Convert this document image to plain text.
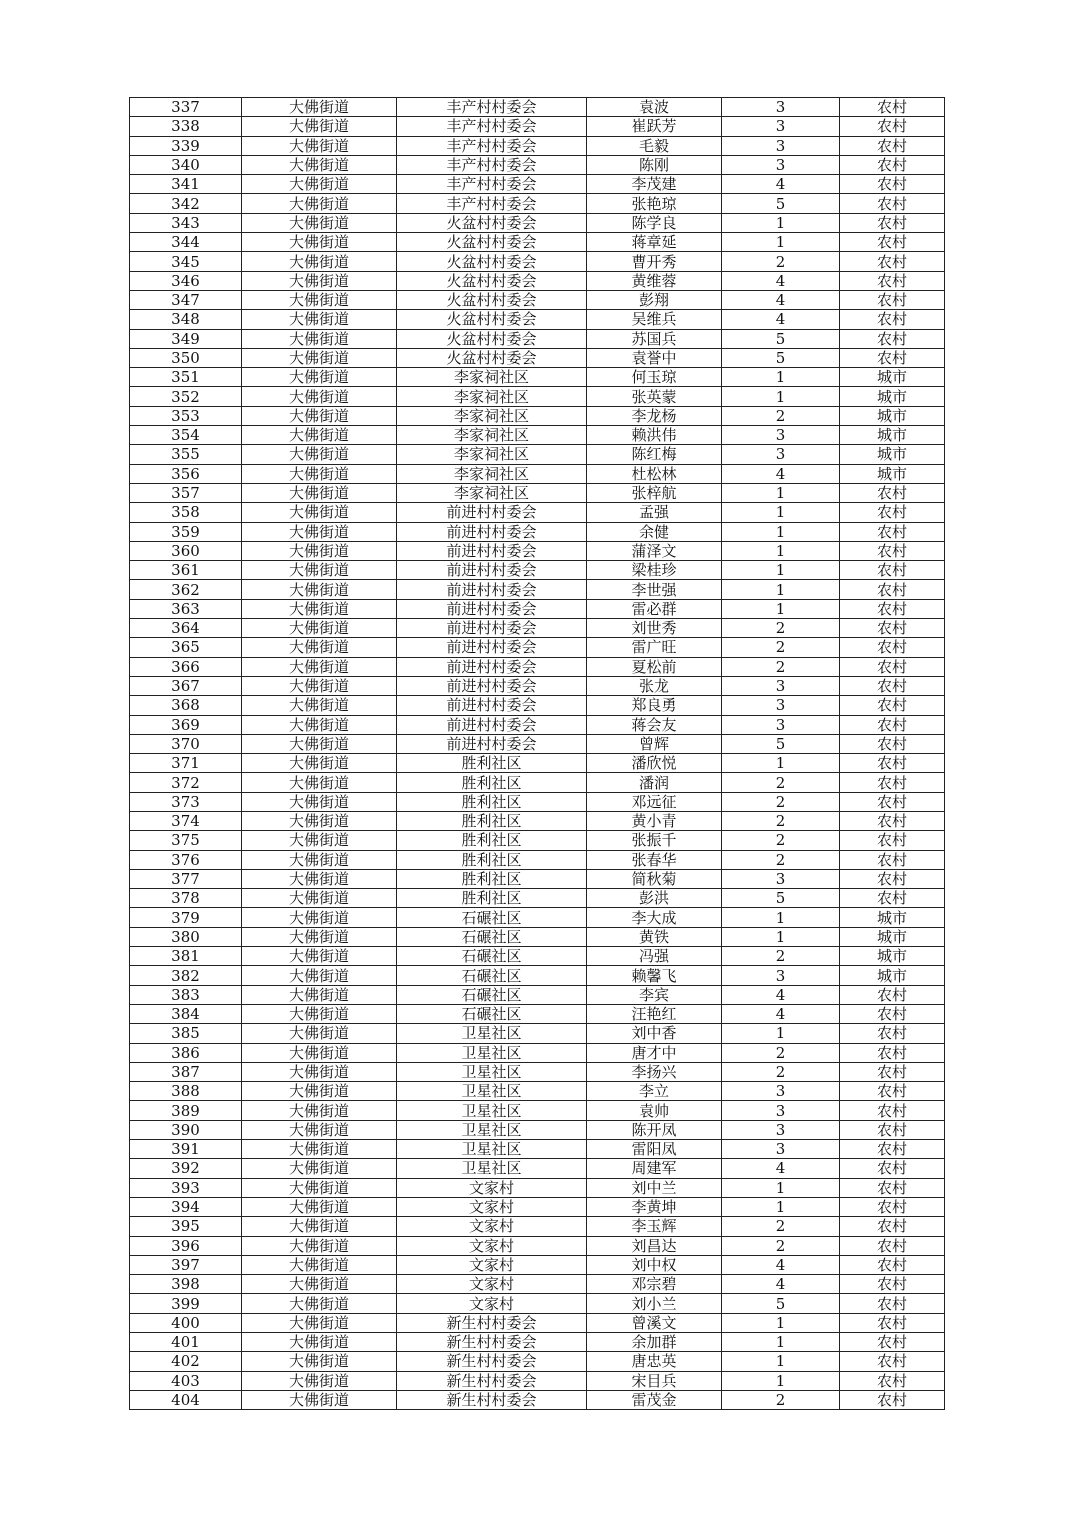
337	大佛街道	丰产村村委会	袁波	3	农村
338	大佛街道	丰产村村委会	崔跃芳	3	农村
339	大佛街道	丰产村村委会	毛毅	3	农村
340	大佛街道	丰产村村委会	陈刚	3	农村
341	大佛街道	丰产村村委会	李茂建	4	农村
342	大佛街道	丰产村村委会	张艳琼	5	农村
343	大佛街道	火盆村村委会	陈学良	1	农村
344	大佛街道	火盆村村委会	蒋章延	1	农村
345	大佛街道	火盆村村委会	曹开秀	2	农村
346	大佛街道	火盆村村委会	黄维蓉	4	农村
347	大佛街道	火盆村村委会	彭翔	4	农村
348	大佛街道	火盆村村委会	吴维兵	4	农村
349	大佛街道	火盆村村委会	苏国兵	5	农村
350	大佛街道	火盆村村委会	袁誉中	5	农村
351	大佛街道	李家祠社区	何玉琼	1	城市
352	大佛街道	李家祠社区	张英蒙	1	城市
353	大佛街道	李家祠社区	李龙杨	2	城市
354	大佛街道	李家祠社区	赖洪伟	3	城市
355	大佛街道	李家祠社区	陈红梅	3	城市
356	大佛街道	李家祠社区	杜松林	4	城市
357	大佛街道	李家祠社区	张梓航	1	农村
358	大佛街道	前进村村委会	孟强	1	农村
359	大佛街道	前进村村委会	余健	1	农村
360	大佛街道	前进村村委会	蒲泽文	1	农村
361	大佛街道	前进村村委会	梁桂珍	1	农村
362	大佛街道	前进村村委会	李世强	1	农村
363	大佛街道	前进村村委会	雷必群	1	农村
364	大佛街道	前进村村委会	刘世秀	2	农村
365	大佛街道	前进村村委会	雷广旺	2	农村
366	大佛街道	前进村村委会	夏松前	2	农村
367	大佛街道	前进村村委会	张龙	3	农村
368	大佛街道	前进村村委会	郑良勇	3	农村
369	大佛街道	前进村村委会	蒋会友	3	农村
370	大佛街道	前进村村委会	曾辉	5	农村
371	大佛街道	胜利社区	潘欣悦	1	农村
372	大佛街道	胜利社区	潘润	2	农村
373	大佛街道	胜利社区	邓远征	2	农村
374	大佛街道	胜利社区	黄小青	2	农村
375	大佛街道	胜利社区	张振千	2	农村
376	大佛街道	胜利社区	张春华	2	农村
377	大佛街道	胜利社区	简秋菊	3	农村
378	大佛街道	胜利社区	彭洪	5	农村
379	大佛街道	石碾社区	李大成	1	城市
380	大佛街道	石碾社区	黄铁	1	城市
381	大佛街道	石碾社区	冯强	2	城市
382	大佛街道	石碾社区	赖馨飞	3	城市
383	大佛街道	石碾社区	李宾	4	农村
384	大佛街道	石碾社区	汪艳红	4	农村
385	大佛街道	卫星社区	刘中香	1	农村
386	大佛街道	卫星社区	唐才中	2	农村
387	大佛街道	卫星社区	李扬兴	2	农村
388	大佛街道	卫星社区	李立	3	农村
389	大佛街道	卫星社区	袁帅	3	农村
390	大佛街道	卫星社区	陈开凤	3	农村
391	大佛街道	卫星社区	雷阳凤	3	农村
392	大佛街道	卫星社区	周建军	4	农村
393	大佛街道	文家村	刘中兰	1	农村
394	大佛街道	文家村	李黄坤	1	农村
395	大佛街道	文家村	李玉辉	2	农村
396	大佛街道	文家村	刘昌达	2	农村
397	大佛街道	文家村	刘中权	4	农村
398	大佛街道	文家村	邓宗碧	4	农村
399	大佛街道	文家村	刘小兰	5	农村
400	大佛街道	新生村村委会	曾溪文	1	农村
401	大佛街道	新生村村委会	余加群	1	农村
402	大佛街道	新生村村委会	唐忠英	1	农村
403	大佛街道	新生村村委会	宋目兵	1	农村
404	大佛街道	新生村村委会	雷茂金	2	农村
